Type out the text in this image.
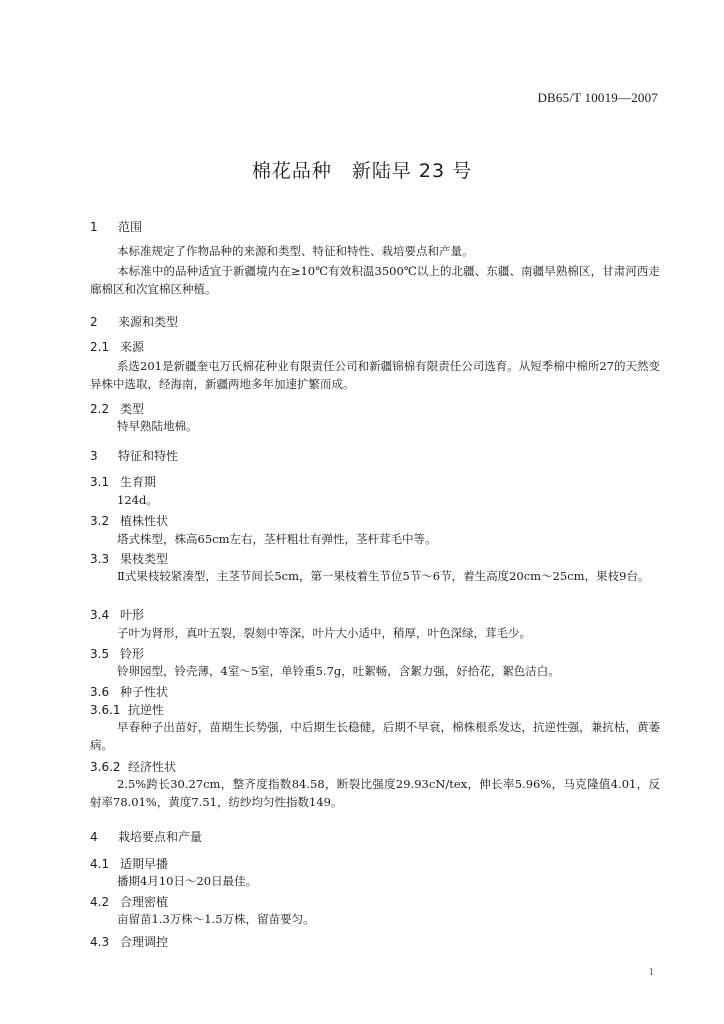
DB65/T 10019—2007
棉花品种　新陆早 23 号
1 范围
本标准规定了作物品种的来源和类型、特征和特性、栽培要点和产量。
本标准中的品种适宜于新疆境内在≥10℃有效积温3500℃以上的北疆、东疆、南疆早熟棉区，甘肃河西走廊棉区和次宜棉区种植。
2 来源和类型
2.1 来源
系选201是新疆奎屯万氏棉花种业有限责任公司和新疆锦棉有限责任公司选育。从短季棉中棉所27的天然变异株中选取，经海南，新疆两地多年加速扩繁而成。
2.2 类型
特早熟陆地棉。
3 特征和特性
3.1 生育期
124d。
3.2 植株性状
塔式株型，株高65cm左右，茎杆粗壮有弹性，茎杆茸毛中等。
3.3 果枝类型
Ⅱ式果枝较紧凑型，主茎节间长5cm，第一果枝着生节位5节～6节，着生高度20cm～25cm，果枝9台。
3.4 叶形
子叶为肾形，真叶五裂，裂刻中等深，叶片大小适中，稍厚，叶色深绿，茸毛少。
3.5 铃形
铃卵园型，铃壳薄，4室～5室，单铃重5.7g，吐絮畅，含絮力强，好拾花，絮色洁白。
3.6 种子性状
3.6.1 抗逆性
早春种子出苗好，苗期生长势强，中后期生长稳健，后期不早衰，棉株根系发达，抗逆性强，兼抗枯，黄萎病。
3.6.2 经济性状
2.5%跨长30.27cm，整齐度指数84.58，断裂比强度29.93cN/tex，伸长率5.96%，马克隆值4.01，反射率78.01%，黄度7.51，纺纱均匀性指数149。
4 栽培要点和产量
4.1 适期早播
播期4月10日～20日最佳。
4.2 合理密植
亩留苗1.3万株～1.5万株，留苗要匀。
4.3 合理调控
1
